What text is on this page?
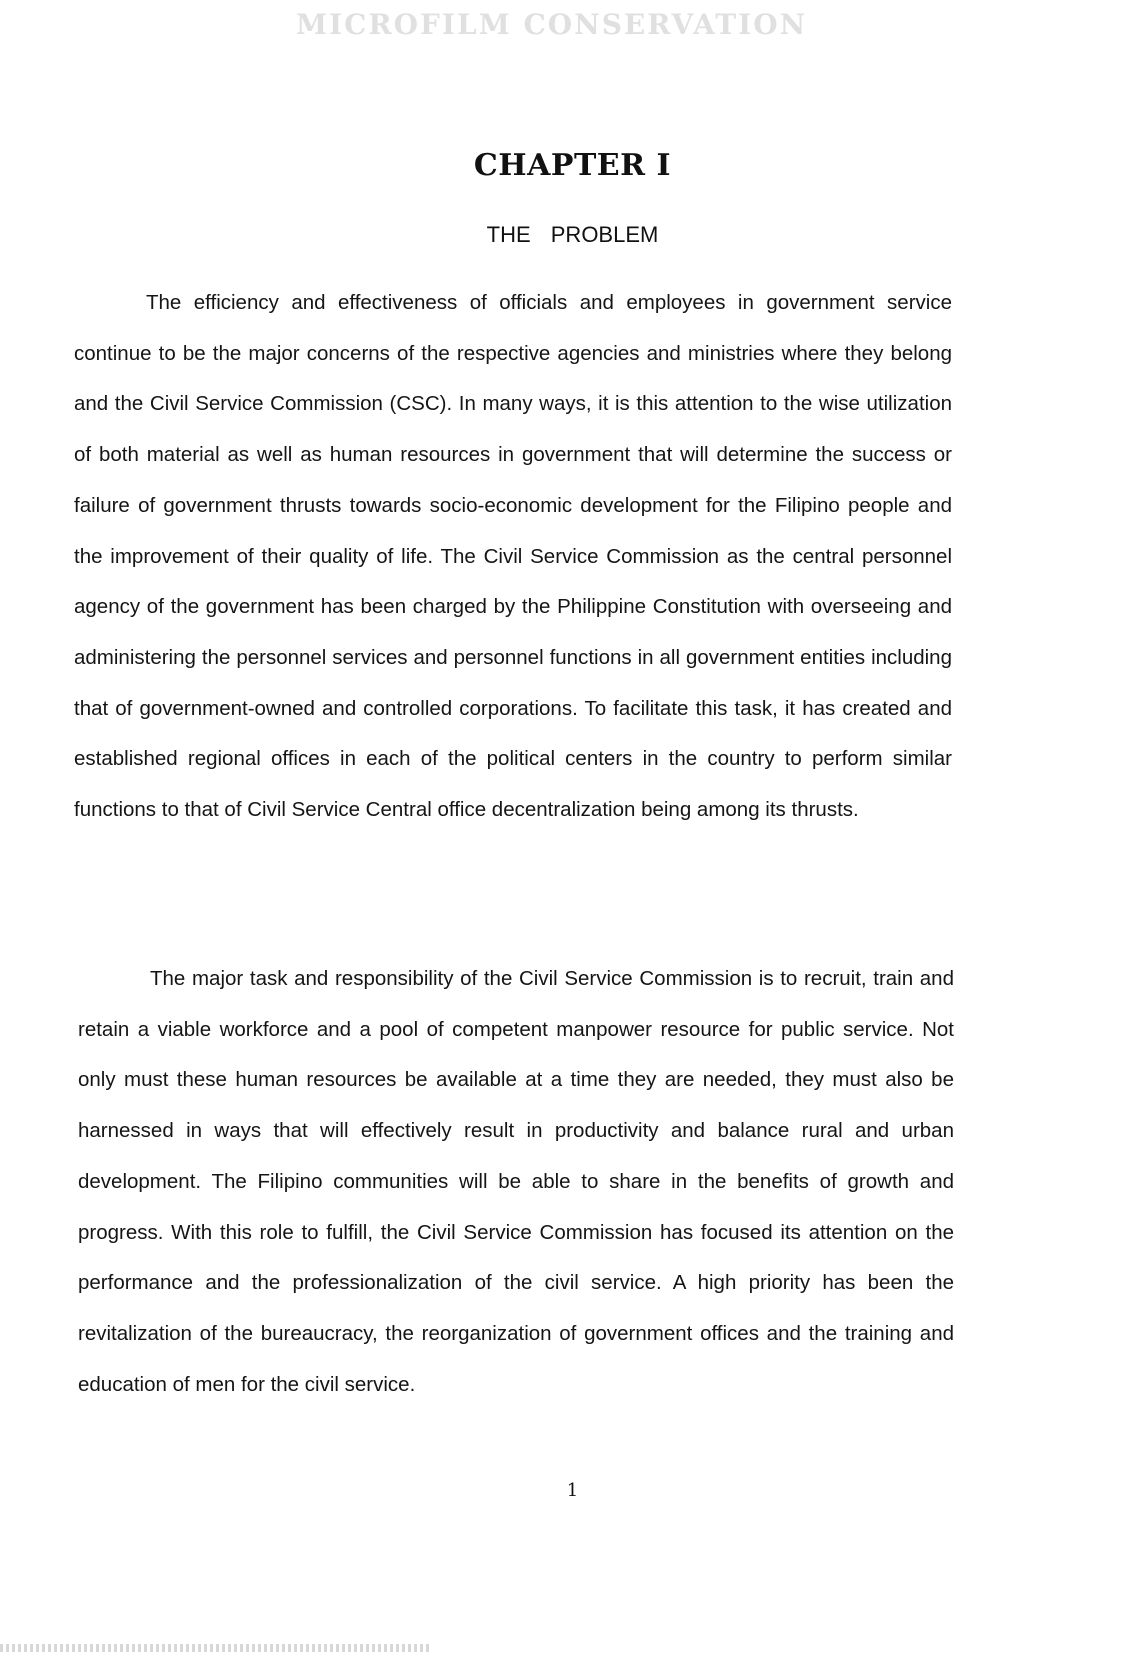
MICROFILM CONSERVATION
CHAPTER I
THE PROBLEM

The efficiency and effectiveness of officials and employees in government service continue to be the major concerns of the respective agencies and ministries where they belong and the Civil Service Commission (CSC). In many ways, it is this attention to the wise utilization of both material as well as human resources in government that will determine the success or failure of government thrusts towards socio-economic development for the Filipino people and the improvement of their quality of life. The Civil Service Commission as the central personnel agency of the government has been charged by the Philippine Constitution with overseeing and administering the personnel services and personnel functions in all government entities including that of government-owned and controlled corporations. To facilitate this task, it has created and established regional offices in each of the political centers in the country to perform similar functions to that of Civil Service Central office decentralization being among its thrusts.

The major task and responsibility of the Civil Service Commission is to recruit, train and retain a viable workforce and a pool of competent manpower resource for public service. Not only must these human resources be available at a time they are needed, they must also be harnessed in ways that will effectively result in productivity and balance rural and urban development. The Filipino communities will be able to share in the benefits of growth and progress. With this role to fulfill, the Civil Service Commission has focused its attention on the performance and the professionalization of the civil service. A high priority has been the revitalization of the bureaucracy, the reorganization of government offices and the training and education of men for the civil service.

1
